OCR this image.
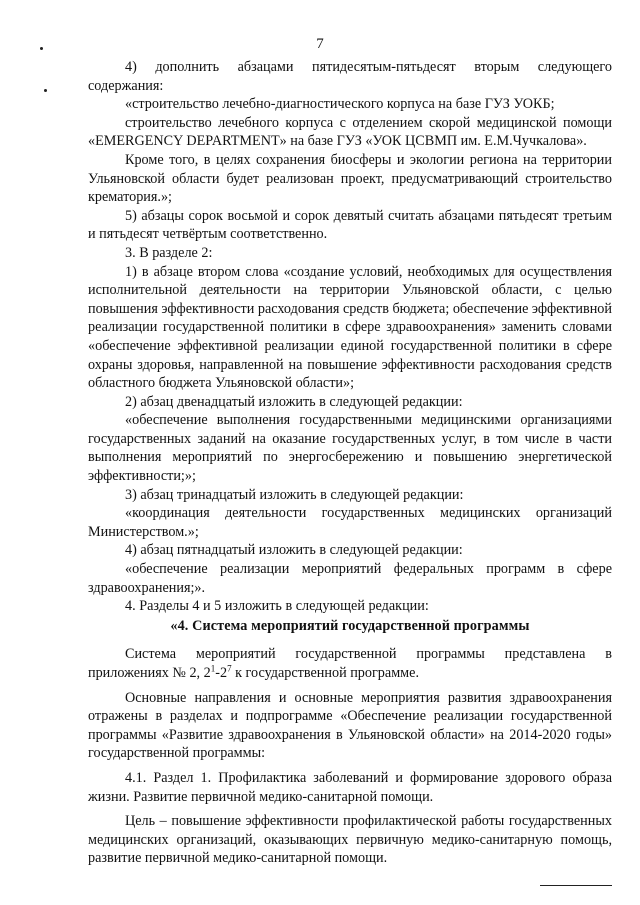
7

4) дополнить абзацами пятидесятым-пятьдесят вторым следующего содержания:

«строительство лечебно-диагностического корпуса на базе ГУЗ УОКБ;

строительство лечебного корпуса с отделением скорой медицинской помощи «EMERGENCY DEPARTMENT» на базе ГУЗ «УОК ЦСВМП им. Е.М.Чучкалова».

Кроме того, в целях сохранения биосферы и экологии региона на территории Ульяновской области будет реализован проект, предусматривающий строительство крематория.»;

5) абзацы сорок восьмой и сорок девятый считать абзацами пятьдесят третьим и пятьдесят четвёртым соответственно.

3. В разделе 2:

1) в абзаце втором слова «создание условий, необходимых для осуществления исполнительной деятельности на территории Ульяновской области, с целью повышения эффективности расходования средств бюджета; обеспечение эффективной реализации государственной политики в сфере здравоохранения» заменить словами «обеспечение эффективной реализации единой государственной политики в сфере охраны здоровья, направленной на повышение эффективности расходования средств областного бюджета Ульяновской области»;

2) абзац двенадцатый изложить в следующей редакции:

«обеспечение выполнения государственными медицинскими организациями государственных заданий на оказание государственных услуг, в том числе в части выполнения мероприятий по энергосбережению и повышению энергетической эффективности;»;

3) абзац тринадцатый изложить в следующей редакции:

«координация деятельности государственных медицинских организаций Министерством.»;

4) абзац пятнадцатый изложить в следующей редакции:

«обеспечение реализации мероприятий федеральных программ в сфере здравоохранения;».

4. Разделы 4 и 5 изложить в следующей редакции:

«4. Система мероприятий государственной программы

Система мероприятий государственной программы представлена в приложениях № 2, $2^1-2^7$ к государственной программе.

Основные направления и основные мероприятия развития здравоохранения отражены в разделах и подпрограмме «Обеспечение реализации государственной программы «Развитие здравоохранения в Ульяновской области» на 2014-2020 годы» государственной программы:

4.1. Раздел 1. Профилактика заболеваний и формирование здорового образа жизни. Развитие первичной медико-санитарной помощи.

Цель – повышение эффективности профилактической работы государственных медицинских организаций, оказывающих первичную медико-санитарную помощь, развитие первичной медико-санитарной помощи.
